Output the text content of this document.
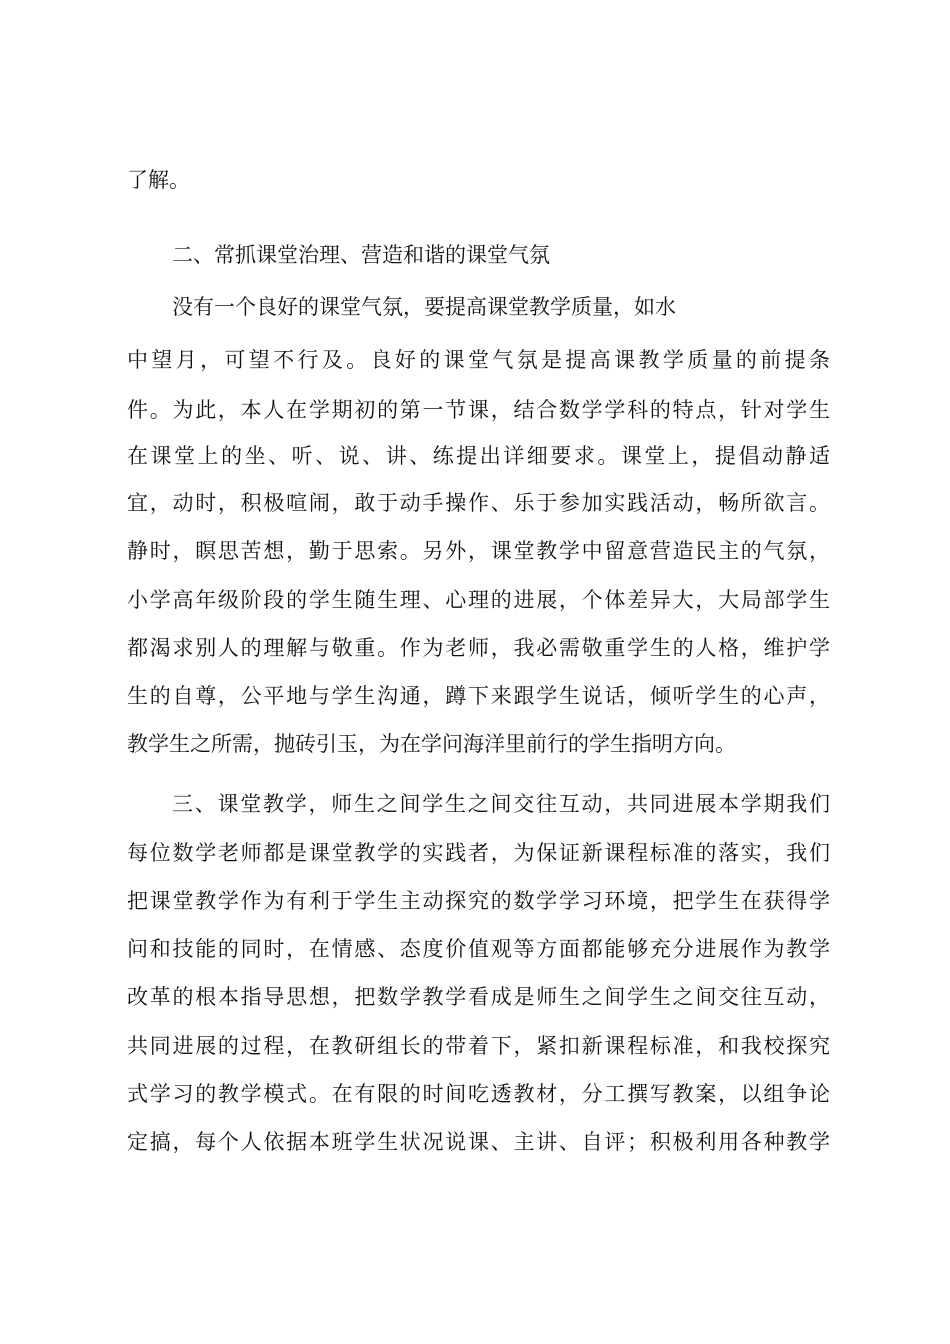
了解。
二、常抓课堂治理、营造和谐的课堂气氛
没有一个良好的课堂气氛，要提高课堂教学质量，如水
中望月，可望不行及。良好的课堂气氛是提高课教学质量的前提条
件。为此，本人在学期初的第一节课，结合数学学科的特点，针对学生
在课堂上的坐、听、说、讲、练提出详细要求。课堂上，提倡动静适
宜，动时，积极喧闹，敢于动手操作、乐于参加实践活动，畅所欲言。
静时，瞑思苦想，勤于思索。另外，课堂教学中留意营造民主的气氛，
小学高年级阶段的学生随生理、心理的进展，个体差异大，大局部学生
都渴求别人的理解与敬重。作为老师，我必需敬重学生的人格，维护学
生的自尊，公平地与学生沟通，蹲下来跟学生说话，倾听学生的心声，
教学生之所需，抛砖引玉，为在学问海洋里前行的学生指明方向。
三、课堂教学，师生之间学生之间交往互动，共同进展本学期我们
每位数学老师都是课堂教学的实践者，为保证新课程标准的落实，我们
把课堂教学作为有利于学生主动探究的数学学习环境，把学生在获得学
问和技能的同时，在情感、态度价值观等方面都能够充分进展作为教学
改革的根本指导思想，把数学教学看成是师生之间学生之间交往互动，
共同进展的过程，在教研组长的带着下，紧扣新课程标准，和我校探究
式学习的教学模式。在有限的时间吃透教材，分工撰写教案，以组争论
定搞，每个人依据本班学生状况说课、主讲、自评；积极利用各种教学
